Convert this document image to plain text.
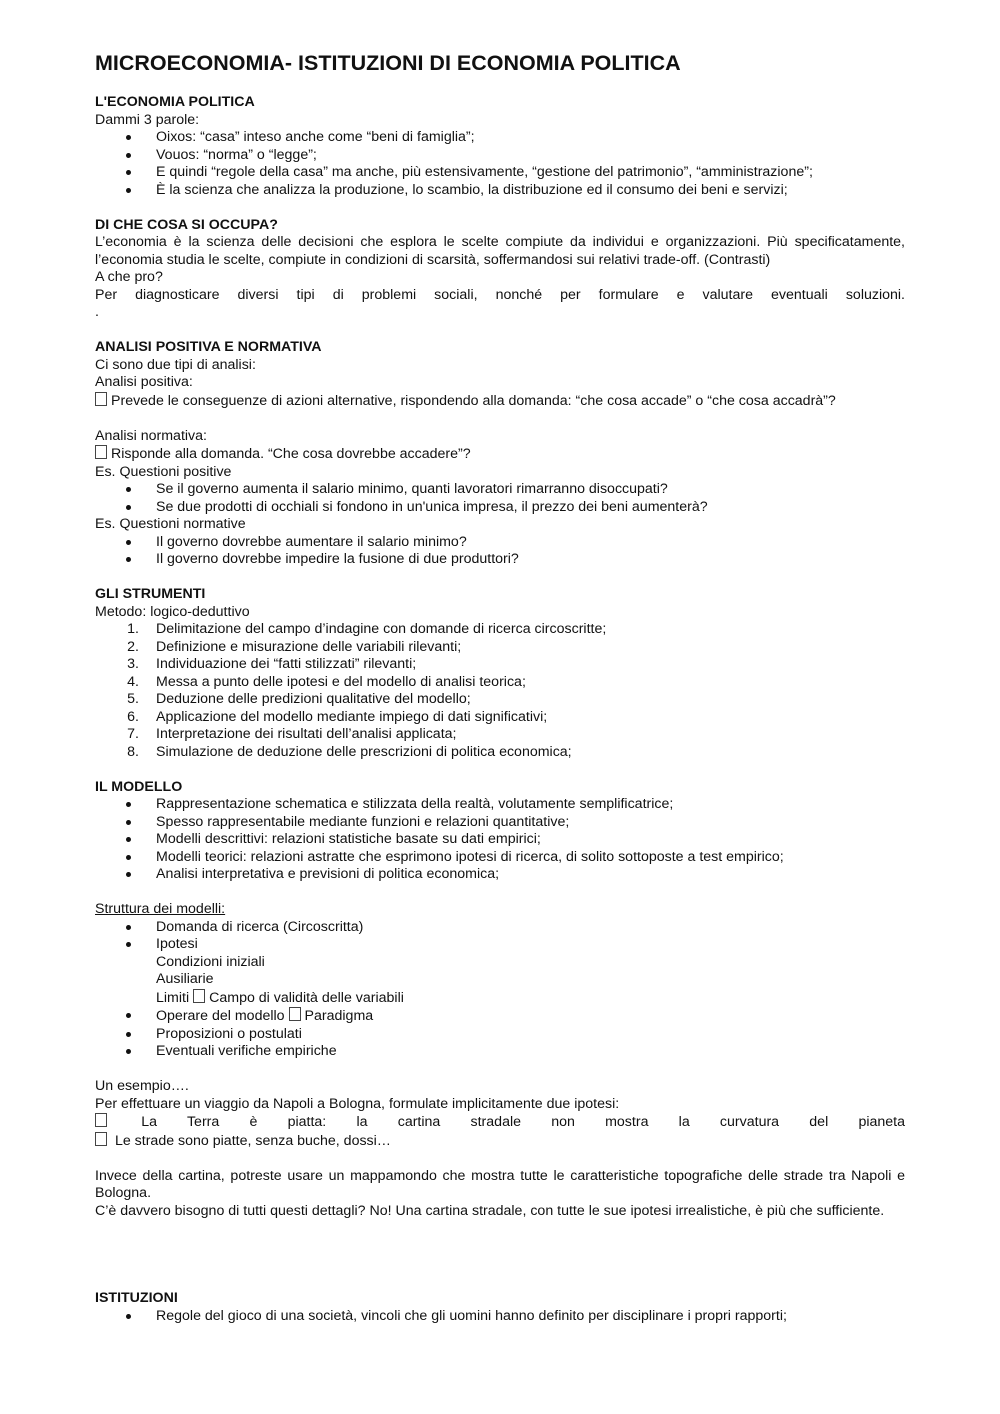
MICROECONOMIA- ISTITUZIONI DI ECONOMIA POLITICA
L'ECONOMIA POLITICA
Dammi 3 parole:
Oixos: “casa” inteso anche come “beni di famiglia”;
Vouos: “norma” o “legge”;
E quindi “regole della casa” ma anche, più estensivamente, “gestione del patrimonio”, “amministrazione”;
È la scienza che analizza la produzione, lo scambio, la distribuzione ed il consumo dei beni e servizi;
DI CHE COSA SI OCCUPA?
L’economia è la scienza delle decisioni che esplora le scelte compiute da individui e organizzazioni. Più specificatamente, l’economia studia le scelte, compiute in condizioni di scarsità, soffermandosi sui relativi trade-off. (Contrasti)
A che pro?
Per diagnosticare diversi tipi di problemi sociali, nonché per formulare e valutare eventuali soluzioni.
.
ANALISI POSITIVA E NORMATIVA
Ci sono due tipi di analisi:
Analisi positiva:
Prevede le conseguenze di azioni alternative, rispondendo alla domanda: “che cosa accade” o “che cosa accadrà”?
Analisi normativa:
Risponde alla domanda. “Che cosa dovrebbe accadere”?
Es. Questioni positive
Se il governo aumenta il salario minimo, quanti lavoratori rimarranno disoccupati?
Se due prodotti di occhiali si fondono in un'unica impresa, il prezzo dei beni aumenterà?
Es. Questioni normative
Il governo dovrebbe aumentare il salario minimo?
Il governo dovrebbe impedire la fusione di due produttori?
GLI STRUMENTI
Metodo: logico-deduttivo
1. Delimitazione del campo d’indagine con domande di ricerca circoscritte;
2. Definizione e misurazione delle variabili rilevanti;
3. Individuazione dei “fatti stilizzati” rilevanti;
4. Messa a punto delle ipotesi e del modello di analisi teorica;
5. Deduzione delle predizioni qualitative del modello;
6. Applicazione del modello mediante impiego di dati significativi;
7. Interpretazione dei risultati dell’analisi applicata;
8. Simulazione de deduzione delle prescrizioni di politica economica;
IL MODELLO
Rappresentazione schematica e stilizzata della realtà, volutamente semplificatrice;
Spesso rappresentabile mediante funzioni e relazioni quantitative;
Modelli descrittivi: relazioni statistiche basate su dati empirici;
Modelli teorici: relazioni astratte che esprimono ipotesi di ricerca, di solito sottoposte a test empirico;
Analisi interpretativa e previsioni di politica economica;
Struttura dei modelli:
Domanda di ricerca (Circoscritta)
Ipotesi
Condizioni iniziali
Ausiliarie
Limiti Campo di validità delle variabili
Operare del modello Paradigma
Proposizioni o postulati
Eventuali verifiche empiriche
Un esempio….
Per effettuare un viaggio da Napoli a Bologna, formulate implicitamente due ipotesi:
La Terra è piatta: la cartina stradale non mostra la curvatura del pianeta
Le strade sono piatte, senza buche, dossi…
Invece della cartina, potreste usare un mappamondo che mostra tutte le caratteristiche topografiche delle strade tra Napoli e Bologna.
C’è davvero bisogno di tutti questi dettagli? No! Una cartina stradale, con tutte le sue ipotesi irrealistiche, è più che sufficiente.
ISTITUZIONI
Regole del gioco di una società, vincoli che gli uomini hanno definito per disciplinare i propri rapporti;
